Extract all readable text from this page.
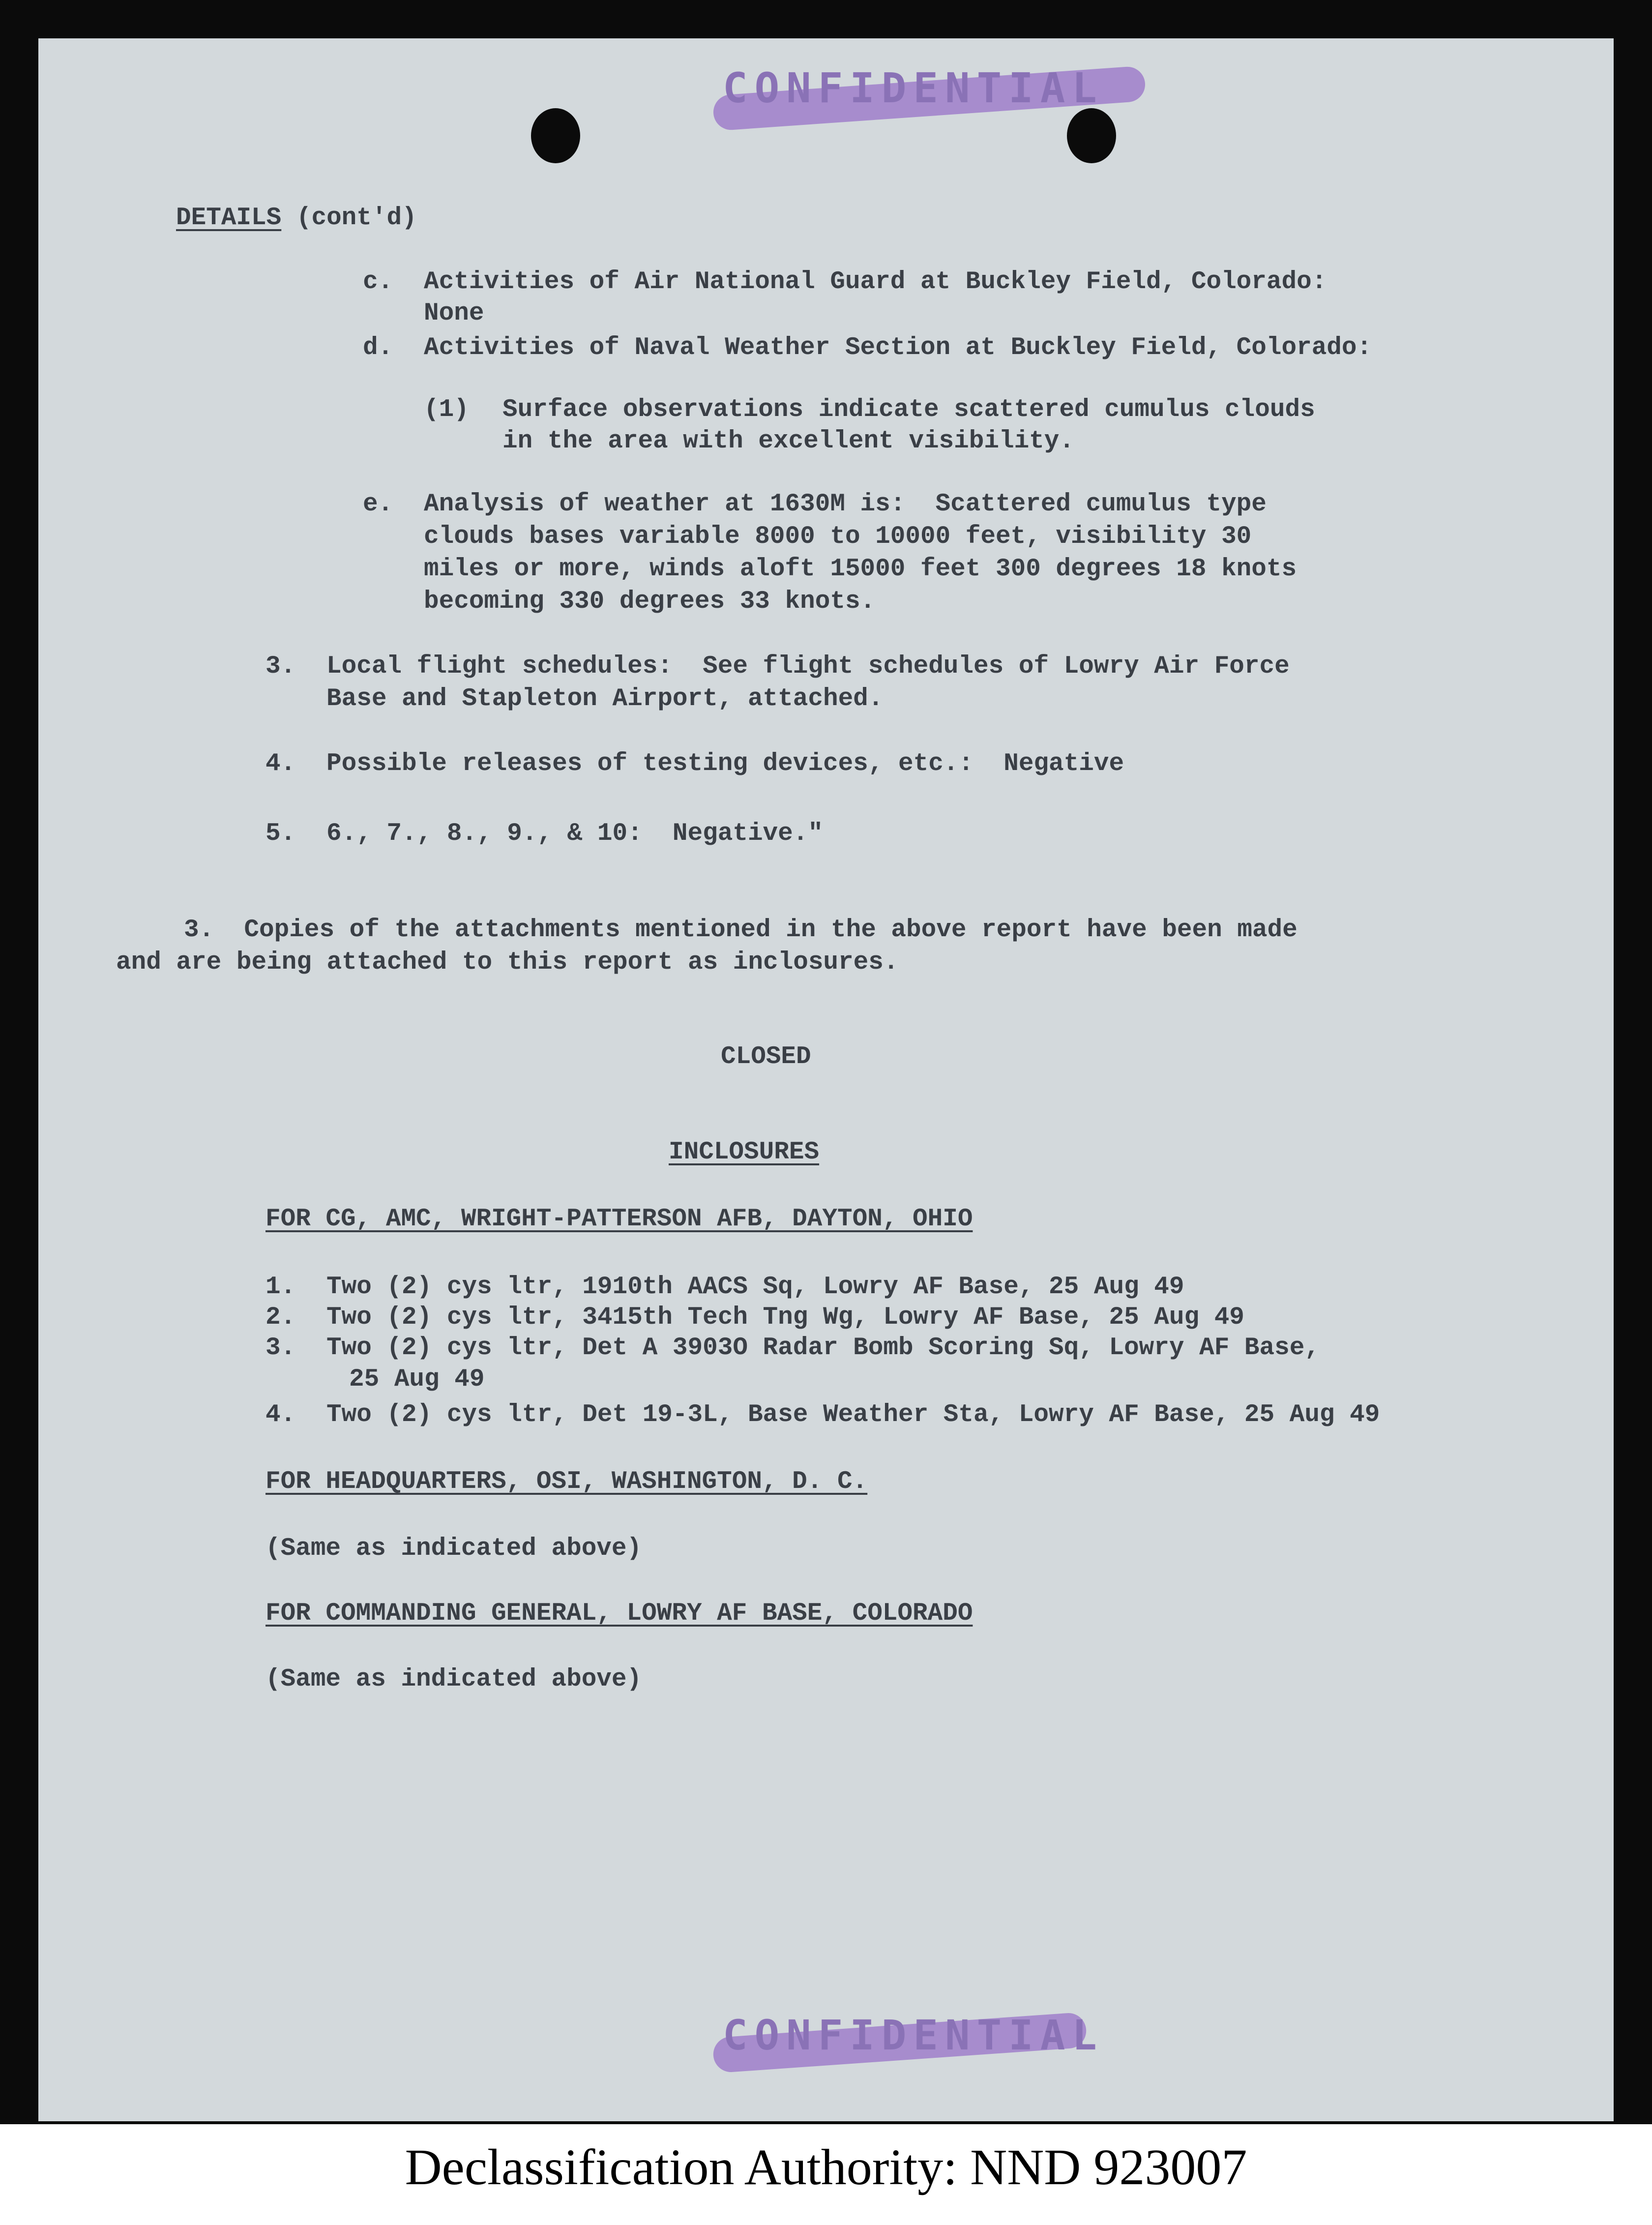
CONFIDENTIAL
DETAILS (cont'd)
c. Activities of Air National Guard at Buckley Field, Colorado:
None
d. Activities of Naval Weather Section at Buckley Field, Colorado:
(1) Surface observations indicate scattered cumulus clouds
in the area with excellent visibility.
e. Analysis of weather at 1630M is:  Scattered cumulus type
clouds bases variable 8000 to 10000 feet, visibility 30
miles or more, winds aloft 15000 feet 300 degrees 18 knots
becoming 330 degrees 33 knots.
3. Local flight schedules:  See flight schedules of Lowry Air Force
Base and Stapleton Airport, attached.
4. Possible releases of testing devices, etc.:  Negative
5. 6., 7., 8., 9., & 10:  Negative."
3.  Copies of the attachments mentioned in the above report have been made
and are being attached to this report as inclosures.
CLOSED
INCLOSURES
FOR CG, AMC, WRIGHT-PATTERSON AFB, DAYTON, OHIO
1. Two (2) cys ltr, 1910th AACS Sq, Lowry AF Base, 25 Aug 49
2. Two (2) cys ltr, 3415th Tech Tng Wg, Lowry AF Base, 25 Aug 49
3. Two (2) cys ltr, Det A 3903O Radar Bomb Scoring Sq, Lowry AF Base,
25 Aug 49
4. Two (2) cys ltr, Det 19-3L, Base Weather Sta, Lowry AF Base, 25 Aug 49
FOR HEADQUARTERS, OSI, WASHINGTON, D. C.
(Same as indicated above)
FOR COMMANDING GENERAL, LOWRY AF BASE, COLORADO
(Same as indicated above)
CONFIDENTIAL
Declassification Authority: NND 923007
